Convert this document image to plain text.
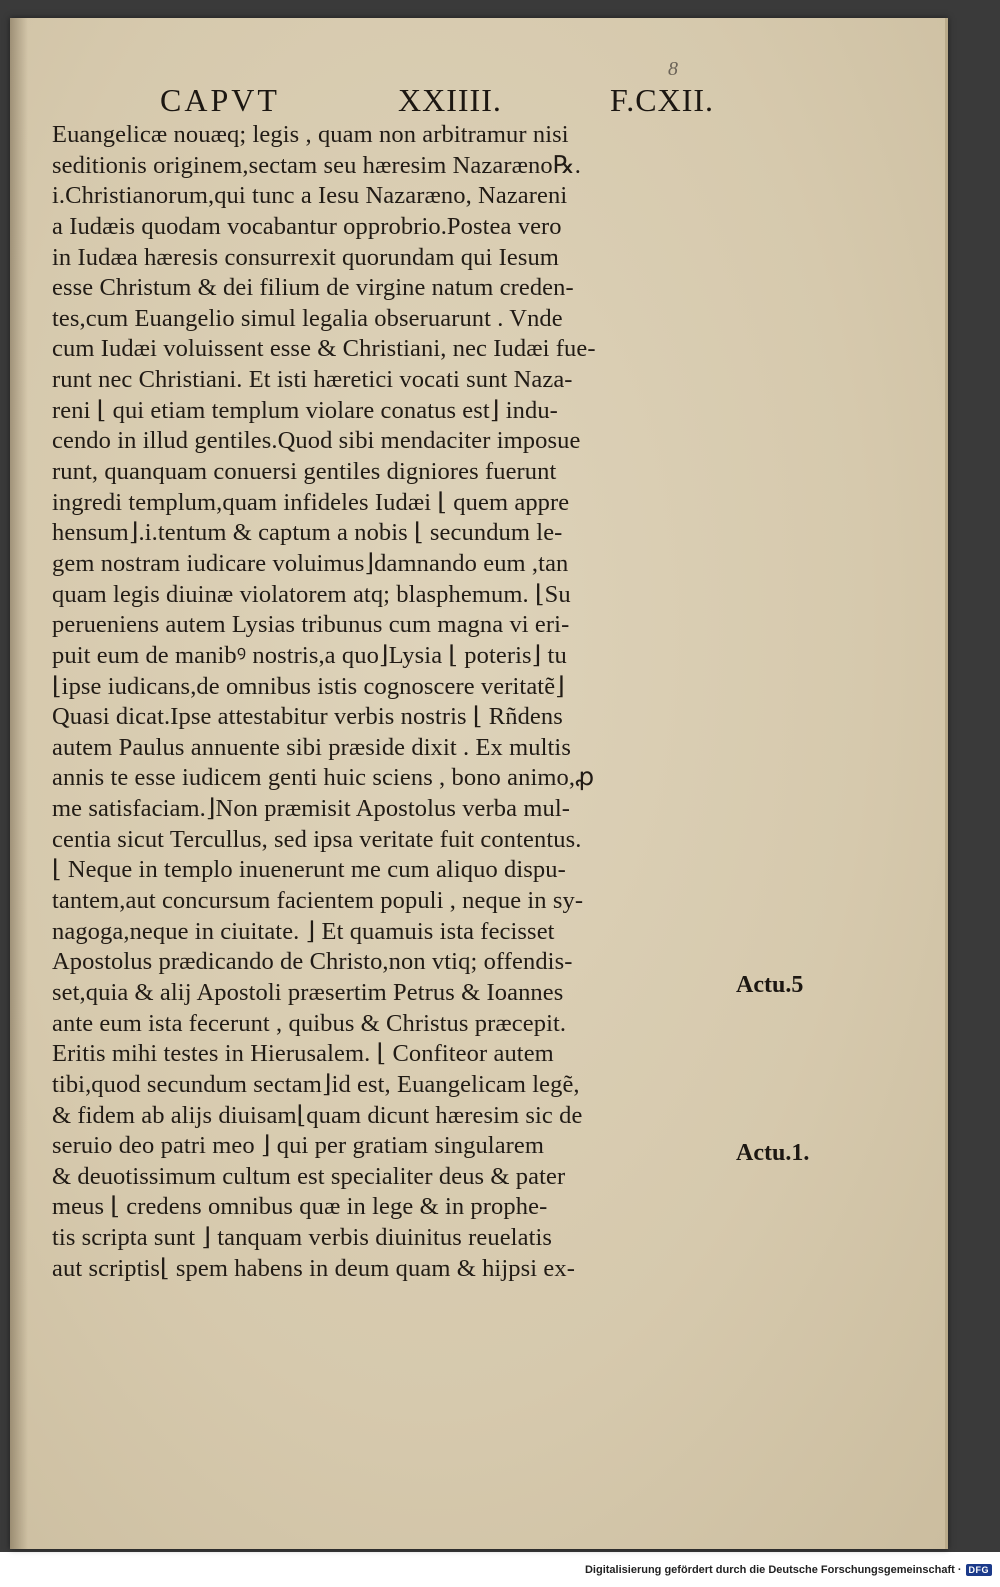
8
CAPVT	XXIIII.	F.CXII.
Euangelicæ nouæq; legis , quam non arbitramur nisi
seditionis originem,sectam seu hæresim Nazaræno℞.
i.Christianorum,qui tunc a Iesu Nazaræno, Nazareni
a Iudæis quodam vocabantur opprobrio.Postea vero
in Iudæa hæresis consurrexit quorundam qui Iesum
esse Christum & dei filium de virgine natum creden-
tes,cum Euangelio simul legalia obseruarunt . Vnde
cum Iudæi voluissent esse & Christiani, nec Iudæi fue-
runt nec Christiani. Et isti hæretici vocati sunt Naza-
reni ⌊ qui etiam templum violare conatus est⌋ indu-
cendo in illud gentiles.Quod sibi mendaciter imposue
runt, quanquam conuersi gentiles digniores fuerunt
ingredi templum,quam infideles Iudæi ⌊ quem appre
hensum⌋.i.tentum & captum a nobis ⌊ secundum le-
gem nostram iudicare voluimus⌋damnando eum ,tan
quam legis diuinæ violatorem atq; blasphemum. ⌊Su
perueniens autem Lysias tribunus cum magna vi eri-
puit eum de manibꝰ nostris,a quo⌋Lysia ⌊ poteris⌋ tu
⌊ipse iudicans,de omnibus istis cognoscere veritatẽ⌋
Quasi dicat.Ipse attestabitur verbis nostris ⌊ Rñdens
autem Paulus annuente sibi præside dixit . Ex multis
annis te esse iudicem genti huic sciens , bono animo,ꝓ
me satisfaciam.⌋Non præmisit Apostolus verba mul-
centia sicut Tercullus, sed ipsa veritate fuit contentus.
⌊ Neque in templo inuenerunt me cum aliquo dispu-
tantem,aut concursum facientem populi , neque in sy-
nagoga,neque in ciuitate. ⌋ Et quamuis ista fecisset
Apostolus prædicando de Christo,non vtiq; offendis-
set,quia & alij Apostoli præsertim Petrus & Ioannes
ante eum ista fecerunt , quibus & Christus præcepit.
Eritis mihi testes in Hierusalem. ⌊ Confiteor autem
tibi,quod secundum sectam⌋id est, Euangelicam legẽ,
& fidem ab alijs diuisam⌊quam dicunt hæresim sic de
seruio deo patri meo ⌋ qui per gratiam singularem
& deuotissimum cultum est specialiter deus & pater
meus ⌊ credens omnibus quæ in lege & in prophe-
tis scripta sunt ⌋ tanquam verbis diuinitus reuelatis
aut scriptis⌊ spem habens in deum quam & hijpsi ex-
Actu.5
Actu.1.
Digitalisierung gefördert durch die Deutsche Forschungsgemeinschaft · DFG
